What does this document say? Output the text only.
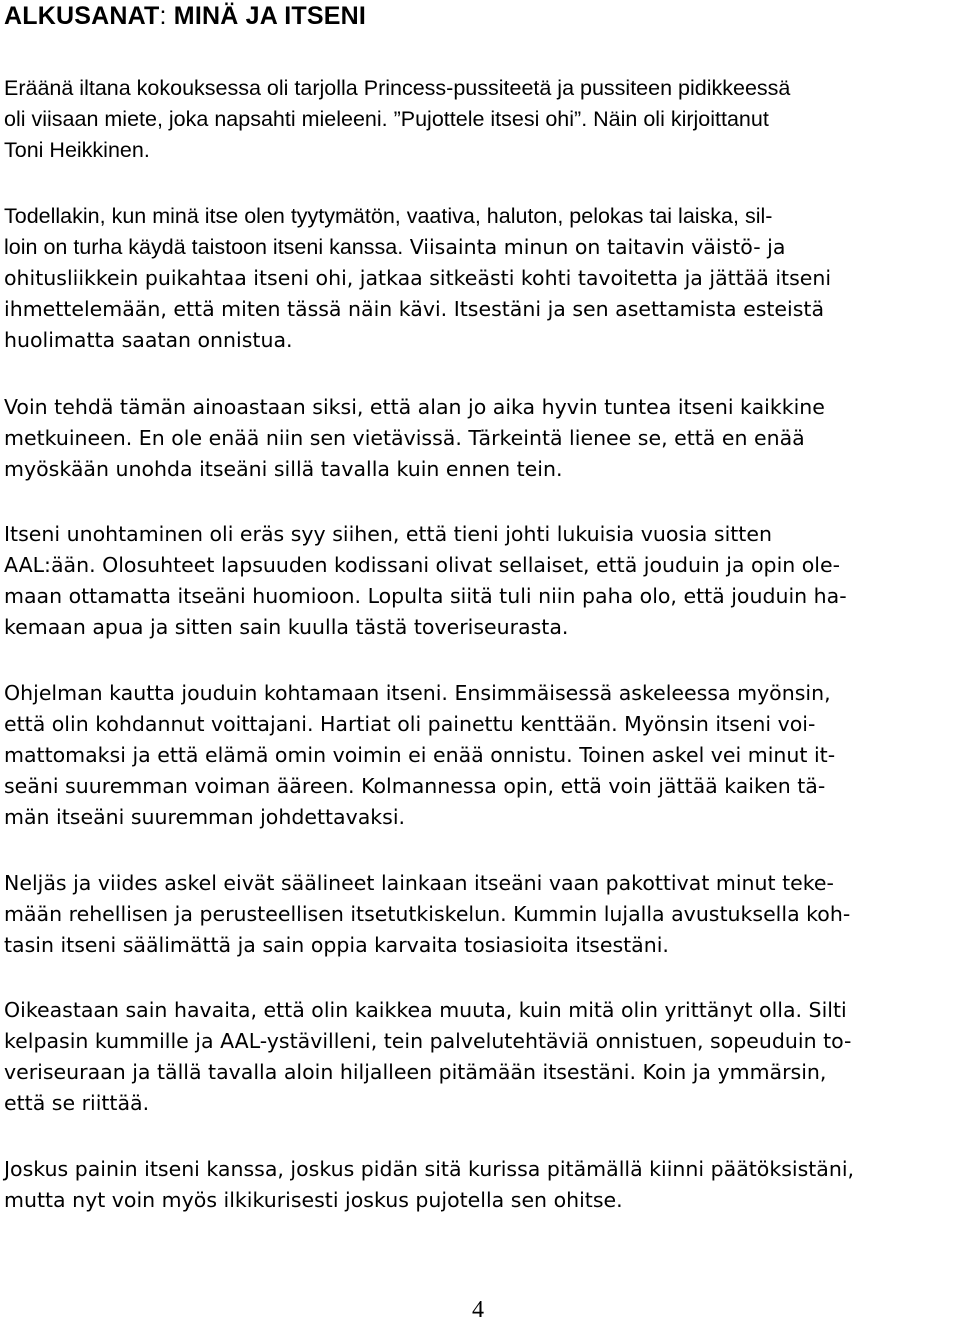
ALKUSANAT: MINÄ JA ITSENI
Eräänä iltana kokouksessa oli tarjolla Princess-pussiteetä ja pussiteen pidikkeessä
oli viisaan miete, joka napsahti mieleeni. ”Pujottele itsesi ohi”. Näin oli kirjoittanut
Toni Heikkinen.
Todellakin, kun minä itse olen tyytymätön, vaativa, haluton, pelokas tai laiska, sil-
loin on turha käydä taistoon itseni kanssa. Viisainta minun on taitavin väistö- ja
ohitusliikkein puikahtaa itseni ohi, jatkaa sitkeästi kohti tavoitetta ja jättää itseni
ihmettelemään, että miten tässä näin kävi. Itsestäni ja sen asettamista esteistä
huolimatta saatan onnistua.
Voin tehdä tämän ainoastaan siksi, että alan jo aika hyvin tuntea itseni kaikkine
metkuineen. En ole enää niin sen vietävissä. Tärkeintä lienee se, että en enää
myöskään unohda itseäni sillä tavalla kuin ennen tein.
Itseni unohtaminen oli eräs syy siihen, että tieni johti lukuisia vuosia sitten
AAL:ään. Olosuhteet lapsuuden kodissani olivat sellaiset, että jouduin ja opin ole-
maan ottamatta itseäni huomioon. Lopulta siitä tuli niin paha olo, että jouduin ha-
kemaan apua ja sitten sain kuulla tästä toveriseurasta.
Ohjelman kautta jouduin kohtamaan itseni. Ensimmäisessä askeleessa myönsin,
että olin kohdannut voittajani. Hartiat oli painettu kenttään. Myönsin itseni voi-
mattomaksi ja että elämä omin voimin ei enää onnistu. Toinen askel vei minut it-
seäni suuremman voiman ääreen. Kolmannessa opin, että voin jättää kaiken tä-
män itseäni suuremman johdettavaksi.
Neljäs ja viides askel eivät säälineet lainkaan itseäni vaan pakottivat minut teke-
mään rehellisen ja perusteellisen itsetutkiskelun. Kummin lujalla avustuksella koh-
tasin itseni säälimättä ja sain oppia karvaita tosiasioita itsestäni.
Oikeastaan sain havaita, että olin kaikkea muuta, kuin mitä olin yrittänyt olla. Silti
kelpasin kummille ja AAL-ystävilleni, tein palvelutehtäviä onnistuen, sopeuduin to-
veriseuraan ja tällä tavalla aloin hiljalleen pitämään itsestäni. Koin ja ymmärsin,
että se riittää.
Joskus painin itseni kanssa, joskus pidän sitä kurissa pitämällä kiinni päätöksistäni,
mutta nyt voin myös ilkikurisesti joskus pujotella sen ohitse.
4
